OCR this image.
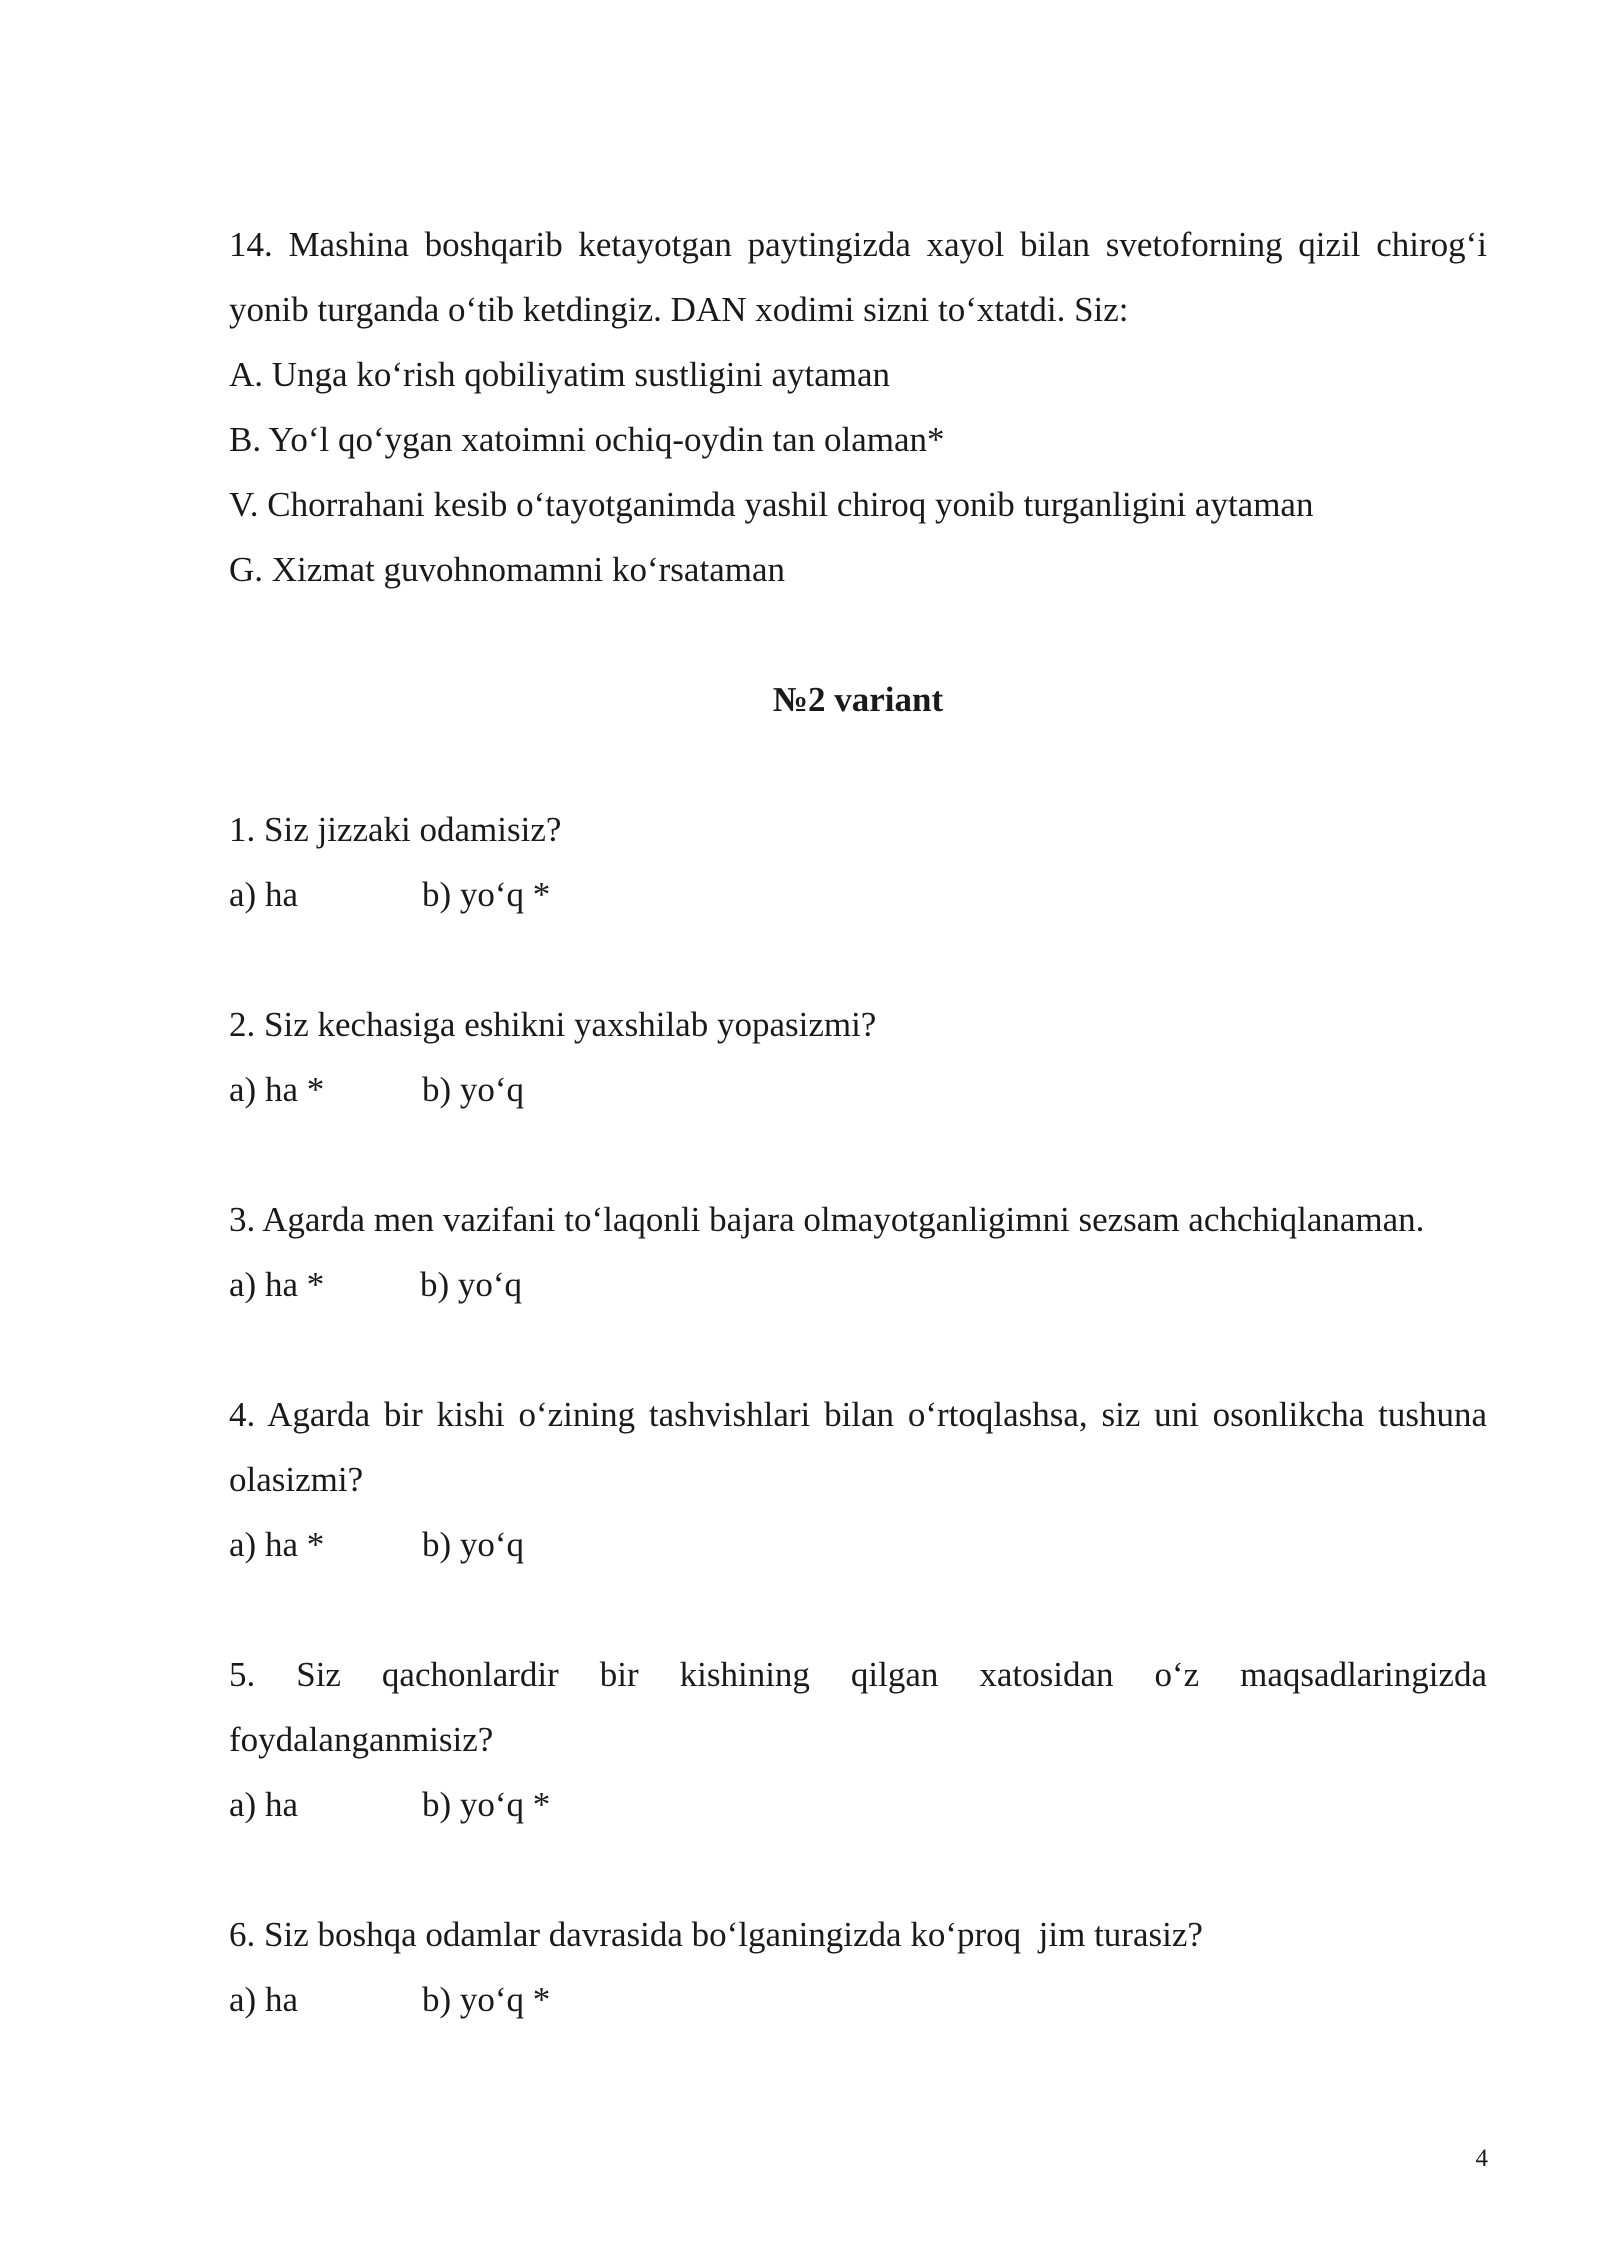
14. Mashina boshqarib ketayotgan paytingizda xayol bilan svetoforning qizil chirog‘i yonib turganda o‘tib ketdingiz. DAN xodimi sizni to‘xtatdi. Siz:

A. Unga ko‘rish qobiliyatim sustligini aytaman

B. Yo‘l qo‘ygan xatoimni ochiq-oydin tan olaman*

V. Chorrahani kesib o‘tayotganimda yashil chiroq yonib turganligini aytaman

G. Xizmat guvohnomamni ko‘rsataman

№2 variant

1. Siz jizzaki odamisiz?

a) ha	b) yo‘q *

2. Siz kechasiga eshikni yaxshilab yopasizmi?

a) ha *	b) yo‘q

3. Agarda men vazifani to‘laqonli bajara olmayotganligimni sezsam achchiqlanaman.

a) ha *	b) yo‘q

4. Agarda bir kishi o‘zining tashvishlari bilan o‘rtoqlashsa, siz uni osonlikcha tushuna olasizmi?

a) ha *	b) yo‘q

5. Siz qachonlardir bir kishining qilgan xatosidan o‘z maqsadlaringizda foydalanganmisiz?

a) ha	b) yo‘q *

6. Siz boshqa odamlar davrasida bo‘lganingizda ko‘proq  jim turasiz?

a) ha	b) yo‘q *

4
